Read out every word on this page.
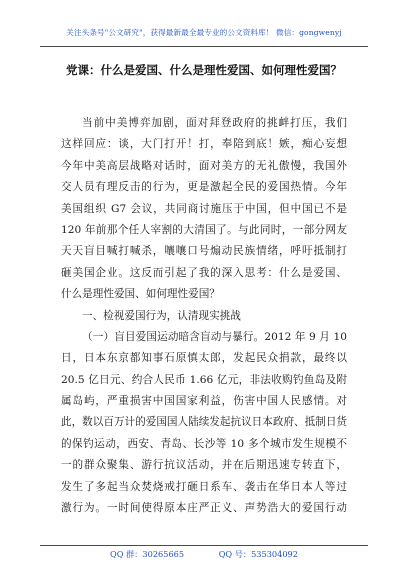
关注头条号"公文研究"，获得最新最全最专业的公文资料库！ 微信：gongwenyj
党课：什么是爱国、什么是理性爱国、如何理性爱国？
当前中美博弈加剧，面对拜登政府的挑衅打压，我们
这样回应：谈，大门打开！打，奉陪到底！嫉，痴心妄想
今年中美高层战略对话时，面对美方的无礼傲慢，我国外
交人员有理反击的行为，更是激起全民的爱国热情。今年
美国组织 G7 会议，共同商讨施压于中国，但中国已不是
120 年前那个任人宰割的大清国了。与此同时，一部分网友
天天盲目喊打喊杀，嚷嚷口号煽动民族情绪，呼吁抵制打
砸美国企业。这反而引起了我的深入思考：什么是爱国、
什么是理性爱国、如何理性爱国？
一、检视爱国行为，认清现实挑战
（一）盲目爱国运动暗含盲动与暴行。2012 年 9 月 10
日，日本东京都知事石原慎太郎，发起民众捐款，最终以
20.5 亿日元、约合人民币 1.66 亿元，非法收购钓鱼岛及附
属岛屿，严重损害中国国家利益，伤害中国人民感情。对
此，数以百万计的爱国国人陆续发起抗议日本政府、抵制日货
的保钓运动，西安、青岛、长沙等 10 多个城市发生规模不
一的群众聚集、游行抗议活动，并在后期迅速专转直下，
发生了多起当众焚烧戒打砸日系车、袭击在华日本人等过
激行为。一时间使得原本庄严正义、声势浩大的爱国行动
QQ 群：30265665	QQ 号：535304092
